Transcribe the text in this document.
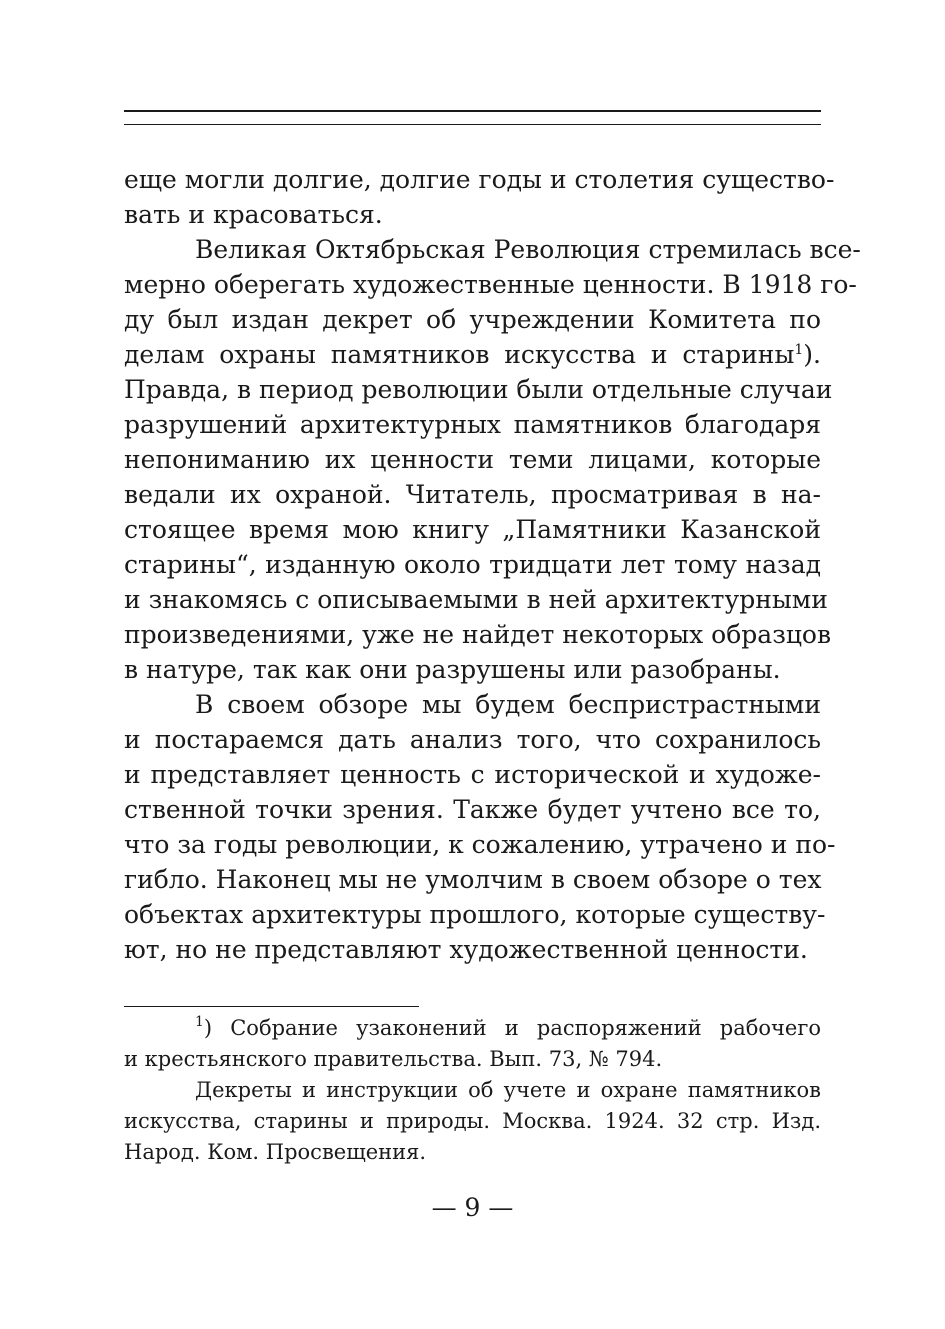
еще могли долгие, долгие годы и столетия существо-
вать и красоваться.

Великая Октябрьская Революция стремилась все-
мерно оберегать художественные ценности. В 1918 го-
ду был издан декрет об учреждении Комитета по
делам охраны памятников искусства и старины$^1$).
Правда, в период революции были отдельные случаи
разрушений архитектурных памятников благодаря
непониманию их ценности теми лицами, которые
ведали их охраной. Читатель, просматривая в на-
стоящее время мою книгу „Памятники Казанской
старины“, изданную около тридцати лет тому назад
и знакомясь с описываемыми в ней архитектурными
произведениями, уже не найдет некоторых образцов
в натуре, так как они разрушены или разобраны.

В своем обзоре мы будем беспристрастными
и постараемся дать анализ того, что сохранилось
и представляет ценность с исторической и художе-
ственной точки зрения. Также будет учтено все то,
что за годы революции, к сожалению, утрачено и по-
гибло. Наконец мы не умолчим в своем обзоре о тех
объектах архитектуры прошлого, которые существу-
ют, но не представляют художественной ценности.

$^1$) Собрание узаконений и распоряжений рабочего
и крестьянского правительства. Вып. 73, № 794.
Декреты и инструкции об учете и охране памятников
искусства, старины и природы. Москва. 1924. 32 стр. Изд.
Народ. Ком. Просвещения.
— 9 —
